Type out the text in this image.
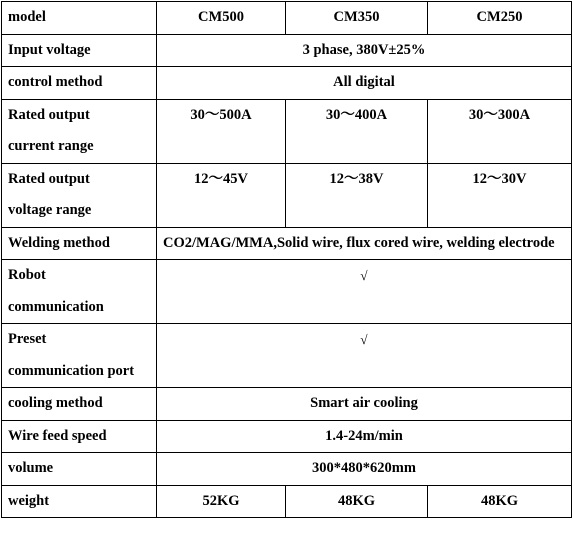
model	CM500	CM350	CM250
Input voltage	3 phase, 380V±25%		
control method	All digital		

Rated output
current range	30～500A	30～400A	30～300A

Rated output
voltage range	12～45V	12～38V	12～30V
Welding method	CO2/MAG/MMA,Solid wire, flux cored wire, welding electrode		

Robot
communication	√		

Preset
communication port	√		
cooling method	Smart air cooling		
Wire feed speed	1.4-24m/min		
volume	300*480*620mm		
weight	52KG	48KG	48KG
